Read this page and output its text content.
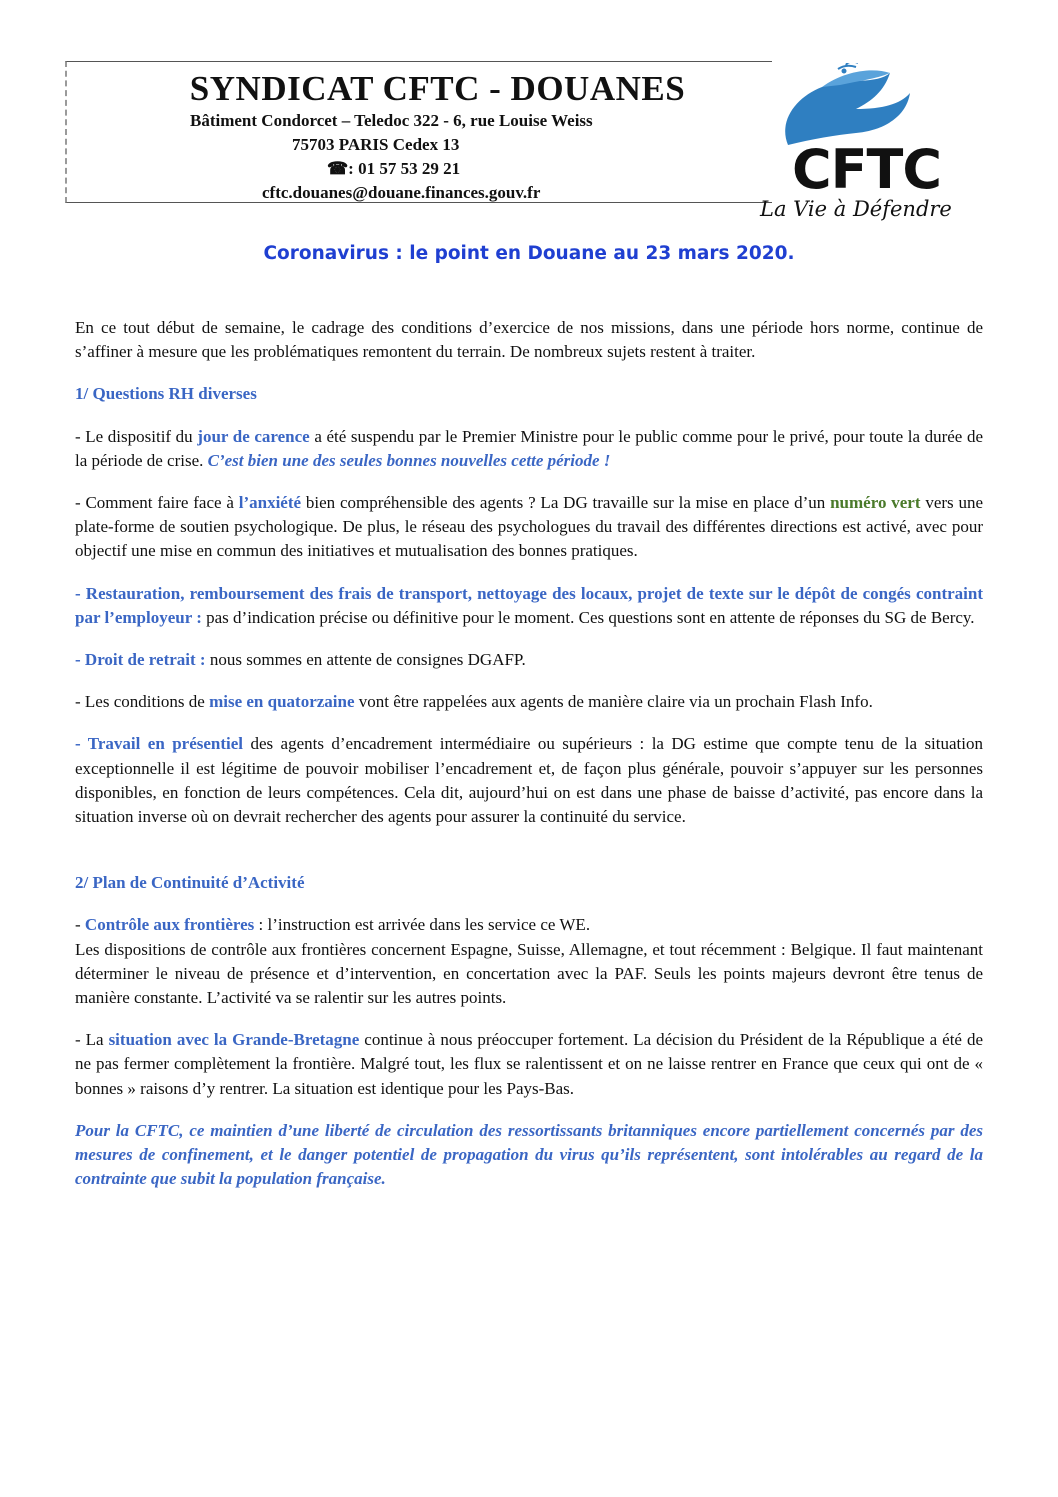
SYNDICAT CFTC - DOUANES
Bâtiment Condorcet – Teledoc 322 - 6, rue Louise Weiss
75703 PARIS Cedex 13
☎: 01 57 53 29 21
cftc.douanes@douane.finances.gouv.fr	CFTC
La Vie à Défendre
Coronavirus : le point en Douane au 23 mars 2020.

En ce tout début de semaine, le cadrage des conditions d’exercice de nos missions, dans une période hors norme, continue de s’affiner à mesure que les problématiques remontent du terrain. De nombreux sujets restent à traiter.

1/ Questions RH diverses

- Le dispositif du jour de carence a été suspendu par le Premier Ministre pour le public comme pour le privé, pour toute la durée de la période de crise. C’est bien une des seules bonnes nouvelles cette période !

- Comment faire face à l’anxiété bien compréhensible des agents ? La DG travaille sur la mise en place d’un numéro vert vers une plate-forme de soutien psychologique. De plus, le réseau des psychologues du travail des différentes directions est activé, avec pour objectif une mise en commun des initiatives et mutualisation des bonnes pratiques.

- Restauration, remboursement des frais de transport, nettoyage des locaux, projet de texte sur le dépôt de congés contraint par l’employeur : pas d’indication précise ou définitive pour le moment. Ces questions sont en attente de réponses du SG de Bercy.

- Droit de retrait : nous sommes en attente de consignes DGAFP.

- Les conditions de mise en quatorzaine vont être rappelées aux agents de manière claire via un prochain Flash Info.

- Travail en présentiel des agents d’encadrement intermédiaire ou supérieurs : la DG estime que compte tenu de la situation exceptionnelle il est légitime de pouvoir mobiliser l’encadrement et, de façon plus générale, pouvoir s’appuyer sur les personnes disponibles, en fonction de leurs compétences. Cela dit, aujourd’hui on est dans une phase de baisse d’activité, pas encore dans la situation inverse où on devrait rechercher des agents pour assurer la continuité du service.

2/ Plan de Continuité d’Activité

- Contrôle aux frontières : l’instruction est arrivée dans les service ce WE.

Les dispositions de contrôle aux frontières concernent Espagne, Suisse, Allemagne, et tout récemment : Belgique. Il faut maintenant déterminer le niveau de présence et d’intervention, en concertation avec la PAF. Seuls les points majeurs devront être tenus de manière constante. L’activité va se ralentir sur les autres points.

- La situation avec la Grande-Bretagne continue à nous préoccuper fortement. La décision du Président de la République a été de ne pas fermer complètement la frontière. Malgré tout, les flux se ralentissent et on ne laisse rentrer en France que ceux qui ont de « bonnes » raisons d’y rentrer. La situation est identique pour les Pays-Bas.

Pour la CFTC, ce maintien d’une liberté de circulation des ressortissants britanniques encore partiellement concernés par des mesures de confinement, et le danger potentiel de propagation du virus qu’ils représentent, sont intolérables au regard de la contrainte que subit la population française.
